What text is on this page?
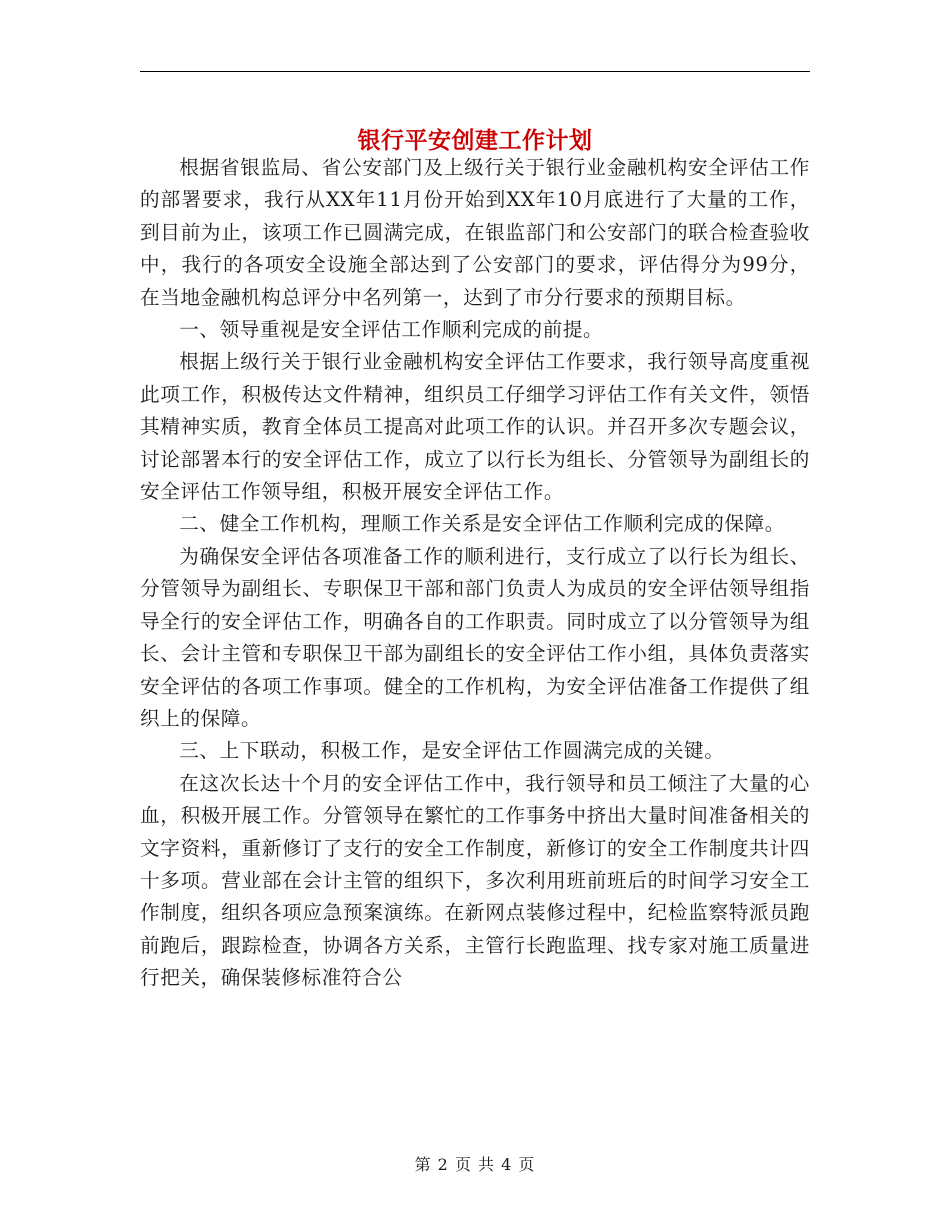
银行平安创建工作计划

根据省银监局、省公安部门及上级行关于银行业金融机构安全评估工作的部署要求，我行从XX年11月份开始到XX年10月底进行了大量的工作，到目前为止，该项工作已圆满完成，在银监部门和公安部门的联合检查验收中，我行的各项安全设施全部达到了公安部门的要求，评估得分为99分，在当地金融机构总评分中名列第一，达到了市分行要求的预期目标。

一、领导重视是安全评估工作顺利完成的前提。

根据上级行关于银行业金融机构安全评估工作要求，我行领导高度重视此项工作，积极传达文件精神，组织员工仔细学习评估工作有关文件，领悟其精神实质，教育全体员工提高对此项工作的认识。并召开多次专题会议，讨论部署本行的安全评估工作，成立了以行长为组长、分管领导为副组长的安全评估工作领导组，积极开展安全评估工作。

二、健全工作机构，理顺工作关系是安全评估工作顺利完成的保障。

为确保安全评估各项准备工作的顺利进行，支行成立了以行长为组长、分管领导为副组长、专职保卫干部和部门负责人为成员的安全评估领导组指导全行的安全评估工作，明确各自的工作职责。同时成立了以分管领导为组长、会计主管和专职保卫干部为副组长的安全评估工作小组，具体负责落实安全评估的各项工作事项。健全的工作机构，为安全评估准备工作提供了组织上的保障。

三、上下联动，积极工作，是安全评估工作圆满完成的关键。

在这次长达十个月的安全评估工作中，我行领导和员工倾注了大量的心血，积极开展工作。分管领导在繁忙的工作事务中挤出大量时间准备相关的文字资料，重新修订了支行的安全工作制度，新修订的安全工作制度共计四十多项。营业部在会计主管的组织下，多次利用班前班后的时间学习安全工作制度，组织各项应急预案演练。在新网点装修过程中，纪检监察特派员跑前跑后，跟踪检查，协调各方关系，主管行长跑监理、找专家对施工质量进行把关，确保装修标准符合公

第 2 页 共 4 页
